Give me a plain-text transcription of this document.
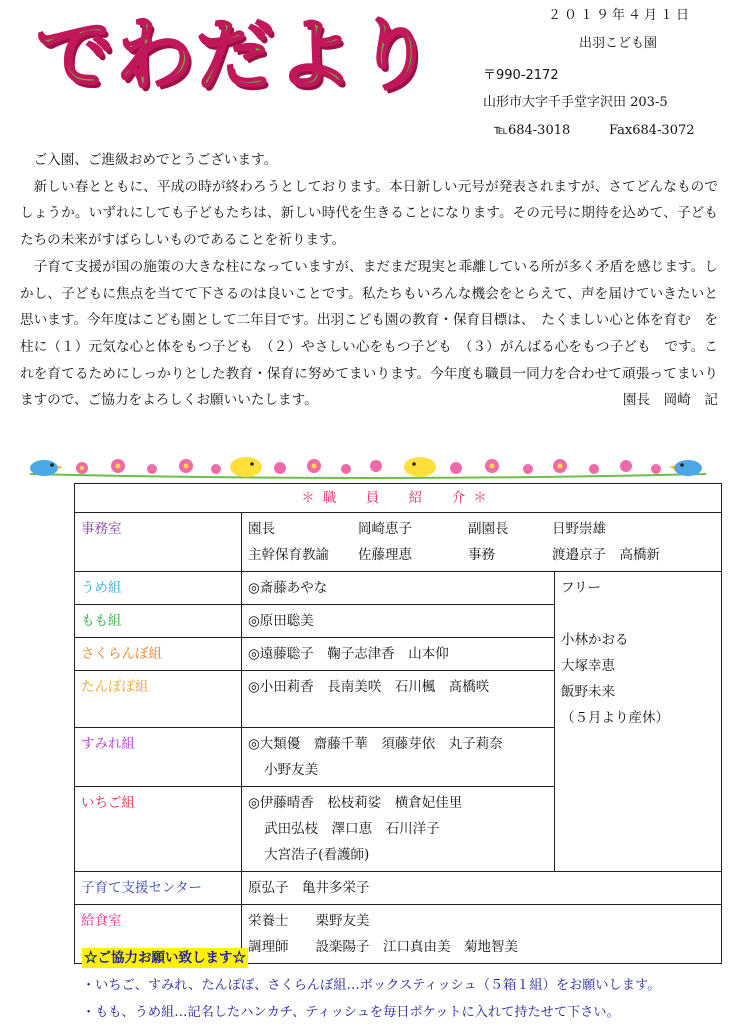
でわだより	２０１９年４月１日
出羽こども園
〒990-2172
山形市大字千手堂字沢田 203-5
℡684-3018	Fax684-3072

ご入園、ご進級おめでとうございます。

新しい春とともに、平成の時が終わろうとしております。本日新しい元号が発表されますが、さてどんなものでしょうか。いずれにしても子どもたちは、新しい時代を生きることになります。その元号に期待を込めて、子どもたちの未来がすばらしいものであることを祈ります。

子育て支援が国の施策の大きな柱になっていますが、まだまだ現実と乖離している所が多く矛盾を感じます。しかし、子どもに焦点を当てて下さるのは良いことです。私たちもいろんな機会をとらえて、声を届けていきたいと思います。今年度はこども園として二年目です。出羽こども園の教育・保育目標は、　たくましい心と体を育む　を柱に（１）元気な心と体をもつ子ども　（２）やさしい心をもつ子ども　（３）がんばる心をもつ子ども　です。これを育てるためにしっかりとした教育・保育に努めてまいります。今年度も職員一同力を合わせて頑張ってまいりますので、ご協力をよろしくお願いいたします。	園長　岡崎　記

＊職　員　紹　介＊		
事務室	園長 岡崎恵子 副園長 日野崇雄
主幹保育教諭 佐藤理恵 事務 渡邉京子　高橋新	

うめ組	◎斎藤あやな	フリー
小林かおる
大塚幸恵
飯野未来
（５月より産休）

もも組	◎原田聡美	
さくらんぼ組	◎遠藤聡子　鞠子志津香　山本仰	
たんぽぽ組	◎小田莉香　長南美咲　石川楓　髙橋咲	
すみれ組	◎大類優　齋藤千華　須藤芽依　丸子莉奈
小野友美	

いちご組	◎伊藤晴香　松枝莉娑　横倉妃佳里
武田弘枝　澤口恵　石川洋子
大宮浩子(看護師)	

子育て支援センター	原弘子　亀井多栄子	
給食室	栄養士　　栗野友美
調理師　　設楽陽子　江口真由美　菊地智美	
☆ご協力お願い致します☆
・いちご、すみれ、たんぽぽ、さくらんぼ組…ボックスティッシュ（５箱１組）をお願いします。
・もも、うめ組…記名したハンカチ、ティッシュを毎日ポケットに入れて持たせて下さい。
